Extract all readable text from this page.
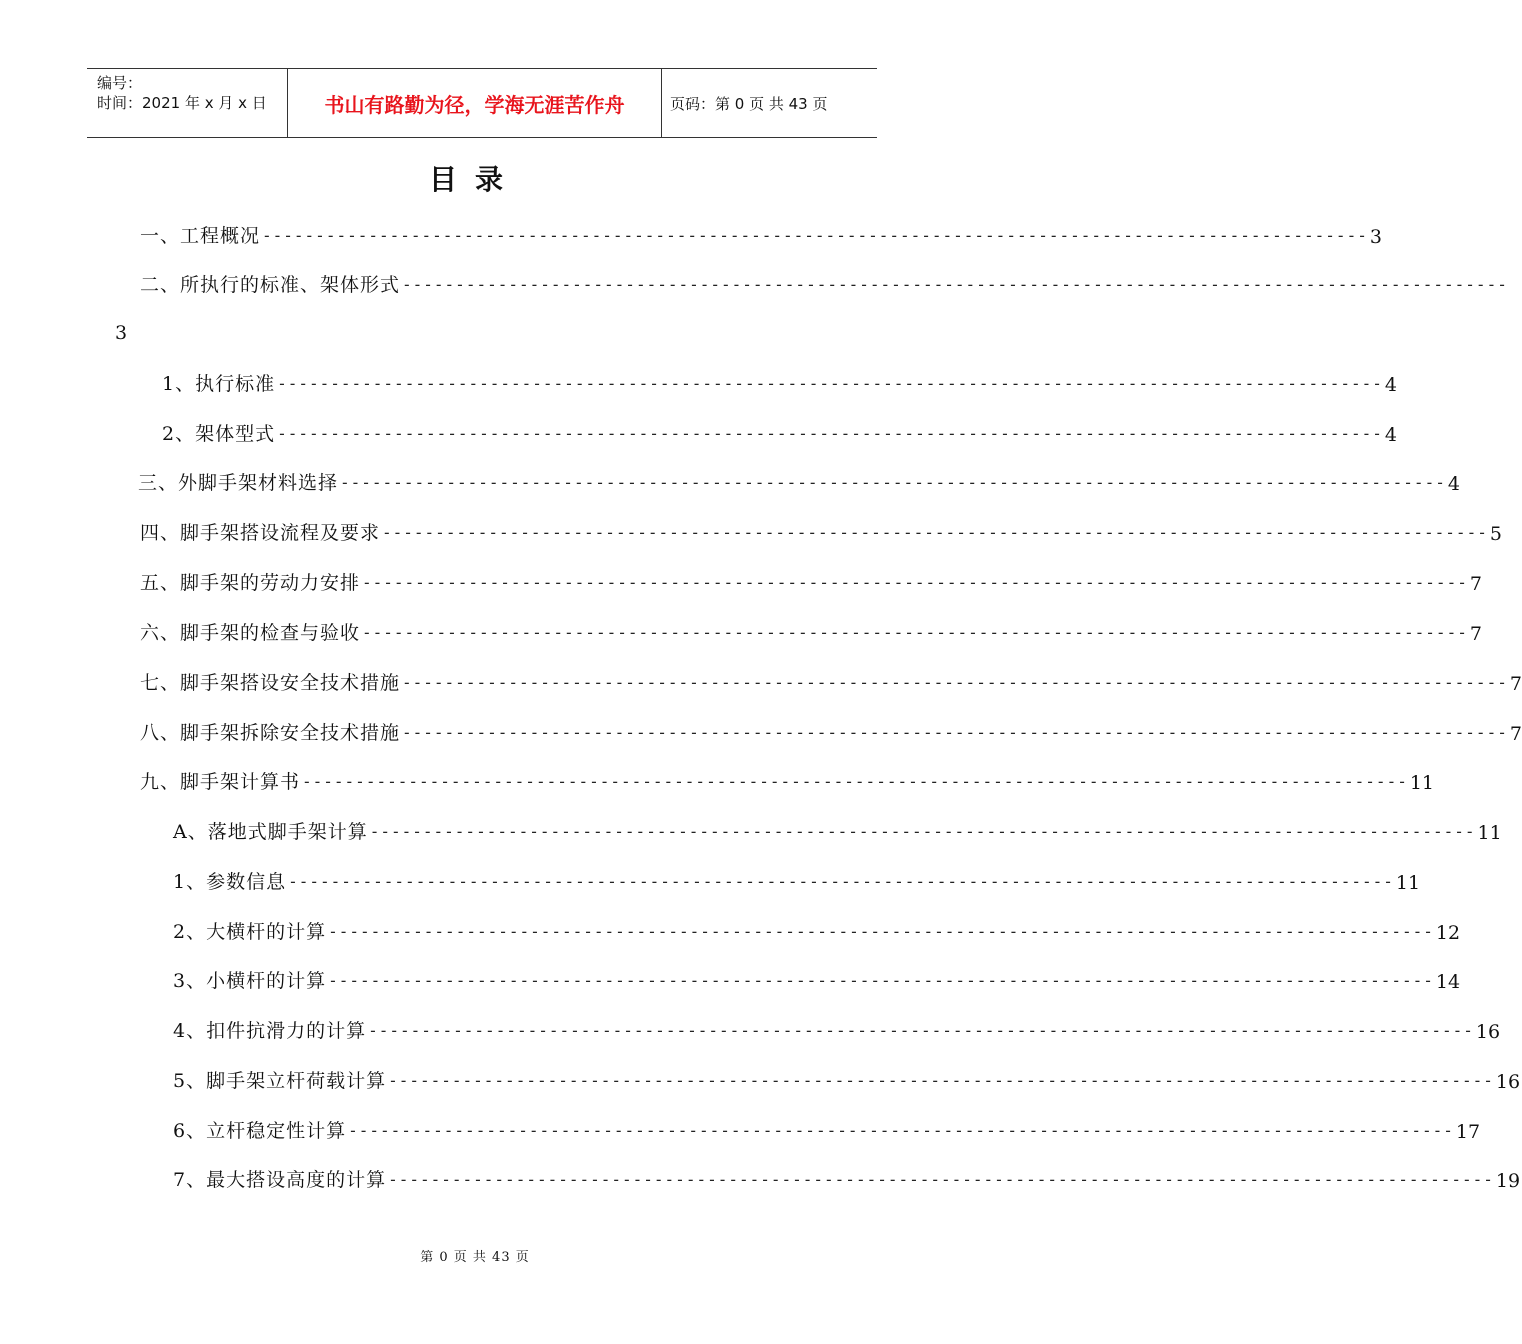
编号：
时间：2021 年 x 月 x 日	书山有路勤为径，学海无涯苦作舟	页码：第 0 页 共 43 页
目录
一、工程概况 -------------------------------------------------------------------------------------------------------- 3
二、所执行的标准、架体形式 --------------------------------------------------------------------------------------------------------
3
1、执行标准 -------------------------------------------------------------------------------------------------------- 4
2、架体型式 -------------------------------------------------------------------------------------------------------- 4
三、外脚手架材料选择 -------------------------------------------------------------------------------------------------------- 4
四、脚手架搭设流程及要求 -------------------------------------------------------------------------------------------------------- 5
五、脚手架的劳动力安排 -------------------------------------------------------------------------------------------------------- 7
六、脚手架的检查与验收 -------------------------------------------------------------------------------------------------------- 7
七、脚手架搭设安全技术措施 -------------------------------------------------------------------------------------------------------- 7
八、脚手架拆除安全技术措施 -------------------------------------------------------------------------------------------------------- 7
九、脚手架计算书 -------------------------------------------------------------------------------------------------------- 11
A、落地式脚手架计算 -------------------------------------------------------------------------------------------------------- 11
1、参数信息 -------------------------------------------------------------------------------------------------------- 11
2、大横杆的计算 -------------------------------------------------------------------------------------------------------- 12
3、小横杆的计算 -------------------------------------------------------------------------------------------------------- 14
4、扣件抗滑力的计算 -------------------------------------------------------------------------------------------------------- 16
5、脚手架立杆荷载计算 -------------------------------------------------------------------------------------------------------- 16
6、立杆稳定性计算 -------------------------------------------------------------------------------------------------------- 17
7、最大搭设高度的计算 -------------------------------------------------------------------------------------------------------- 19
第 0 页 共 43 页
